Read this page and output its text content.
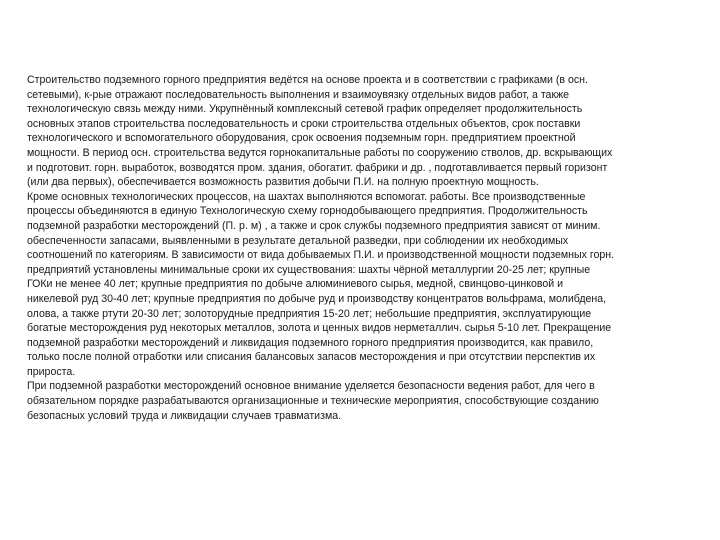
Строительство подземного горного предприятия ведётся на основе проекта и в соответствии с графиками (в осн.
сетевыми), к-рые отражают последовательность выполнения и взаимоувязку отдельных видов работ, а также
технологическую связь между ними. Укрупнённый комплексный сетевой график определяет продолжительность
основных этапов строительства последовательность и сроки строительства отдельных объектов, срок поставки
технологического и вспомогательного оборудования, срок освоения подземным горн. предприятием проектной
мощности. В период осн. строительства ведутся горнокапитальные работы по сооружению стволов, др. вскрывающих
и подготовит. горн. выработок, возводятся пром. здания, обогатит. фабрики и др. , подготавливается первый горизонт
(или два первых), обеспечивается возможность развития добычи П.И. на полную проектную мощность.
Кроме основных технологических процессов, на шахтах выполняются вспомогат. работы. Все производственные
процессы объединяются в единую Технологическую схему горнодобывающего предприятия. Продолжительность
подземной разработки месторождений (П. р. м) , а также и срок службы подземного предприятия зависят от миним.
обеспеченности запасами, выявленными в результате детальной разведки, при соблюдении их необходимых
соотношений по категориям. В зависимости от вида добываемых П.И. и производственной мощности подземных горн.
предприятий установлены минимальные сроки их существования: шахты чёрной металлургии 20-25 лет; крупные
ГОКи не менее 40 лет; крупные предприятия по добыче алюминиевого сырья, медной, свинцово-цинковой и
никелевой руд 30-40 лет; крупные предприятия по добыче руд и производству концентратов вольфрама, молибдена,
олова, а также ртути 20-30 лет; золоторудные предприятия 15-20 лет; небольшие предприятия, эксплуатирующие
богатые месторождения руд некоторых металлов, золота и ценных видов нерметаллич. сырья 5-10 лет. Прекращение
подземной разработки месторождений и ликвидация подземного горного предприятия производится, как правило,
только после полной отработки или списания балансовых запасов месторождения и при отсутствии перспектив их
прироста.
При подземной разработки месторождений основное внимание уделяется безопасности ведения работ, для чего в
обязательном порядке разрабатываются организационные и технические мероприятия, способствующие созданию
безопасных условий труда и ликвидации случаев травматизма.
